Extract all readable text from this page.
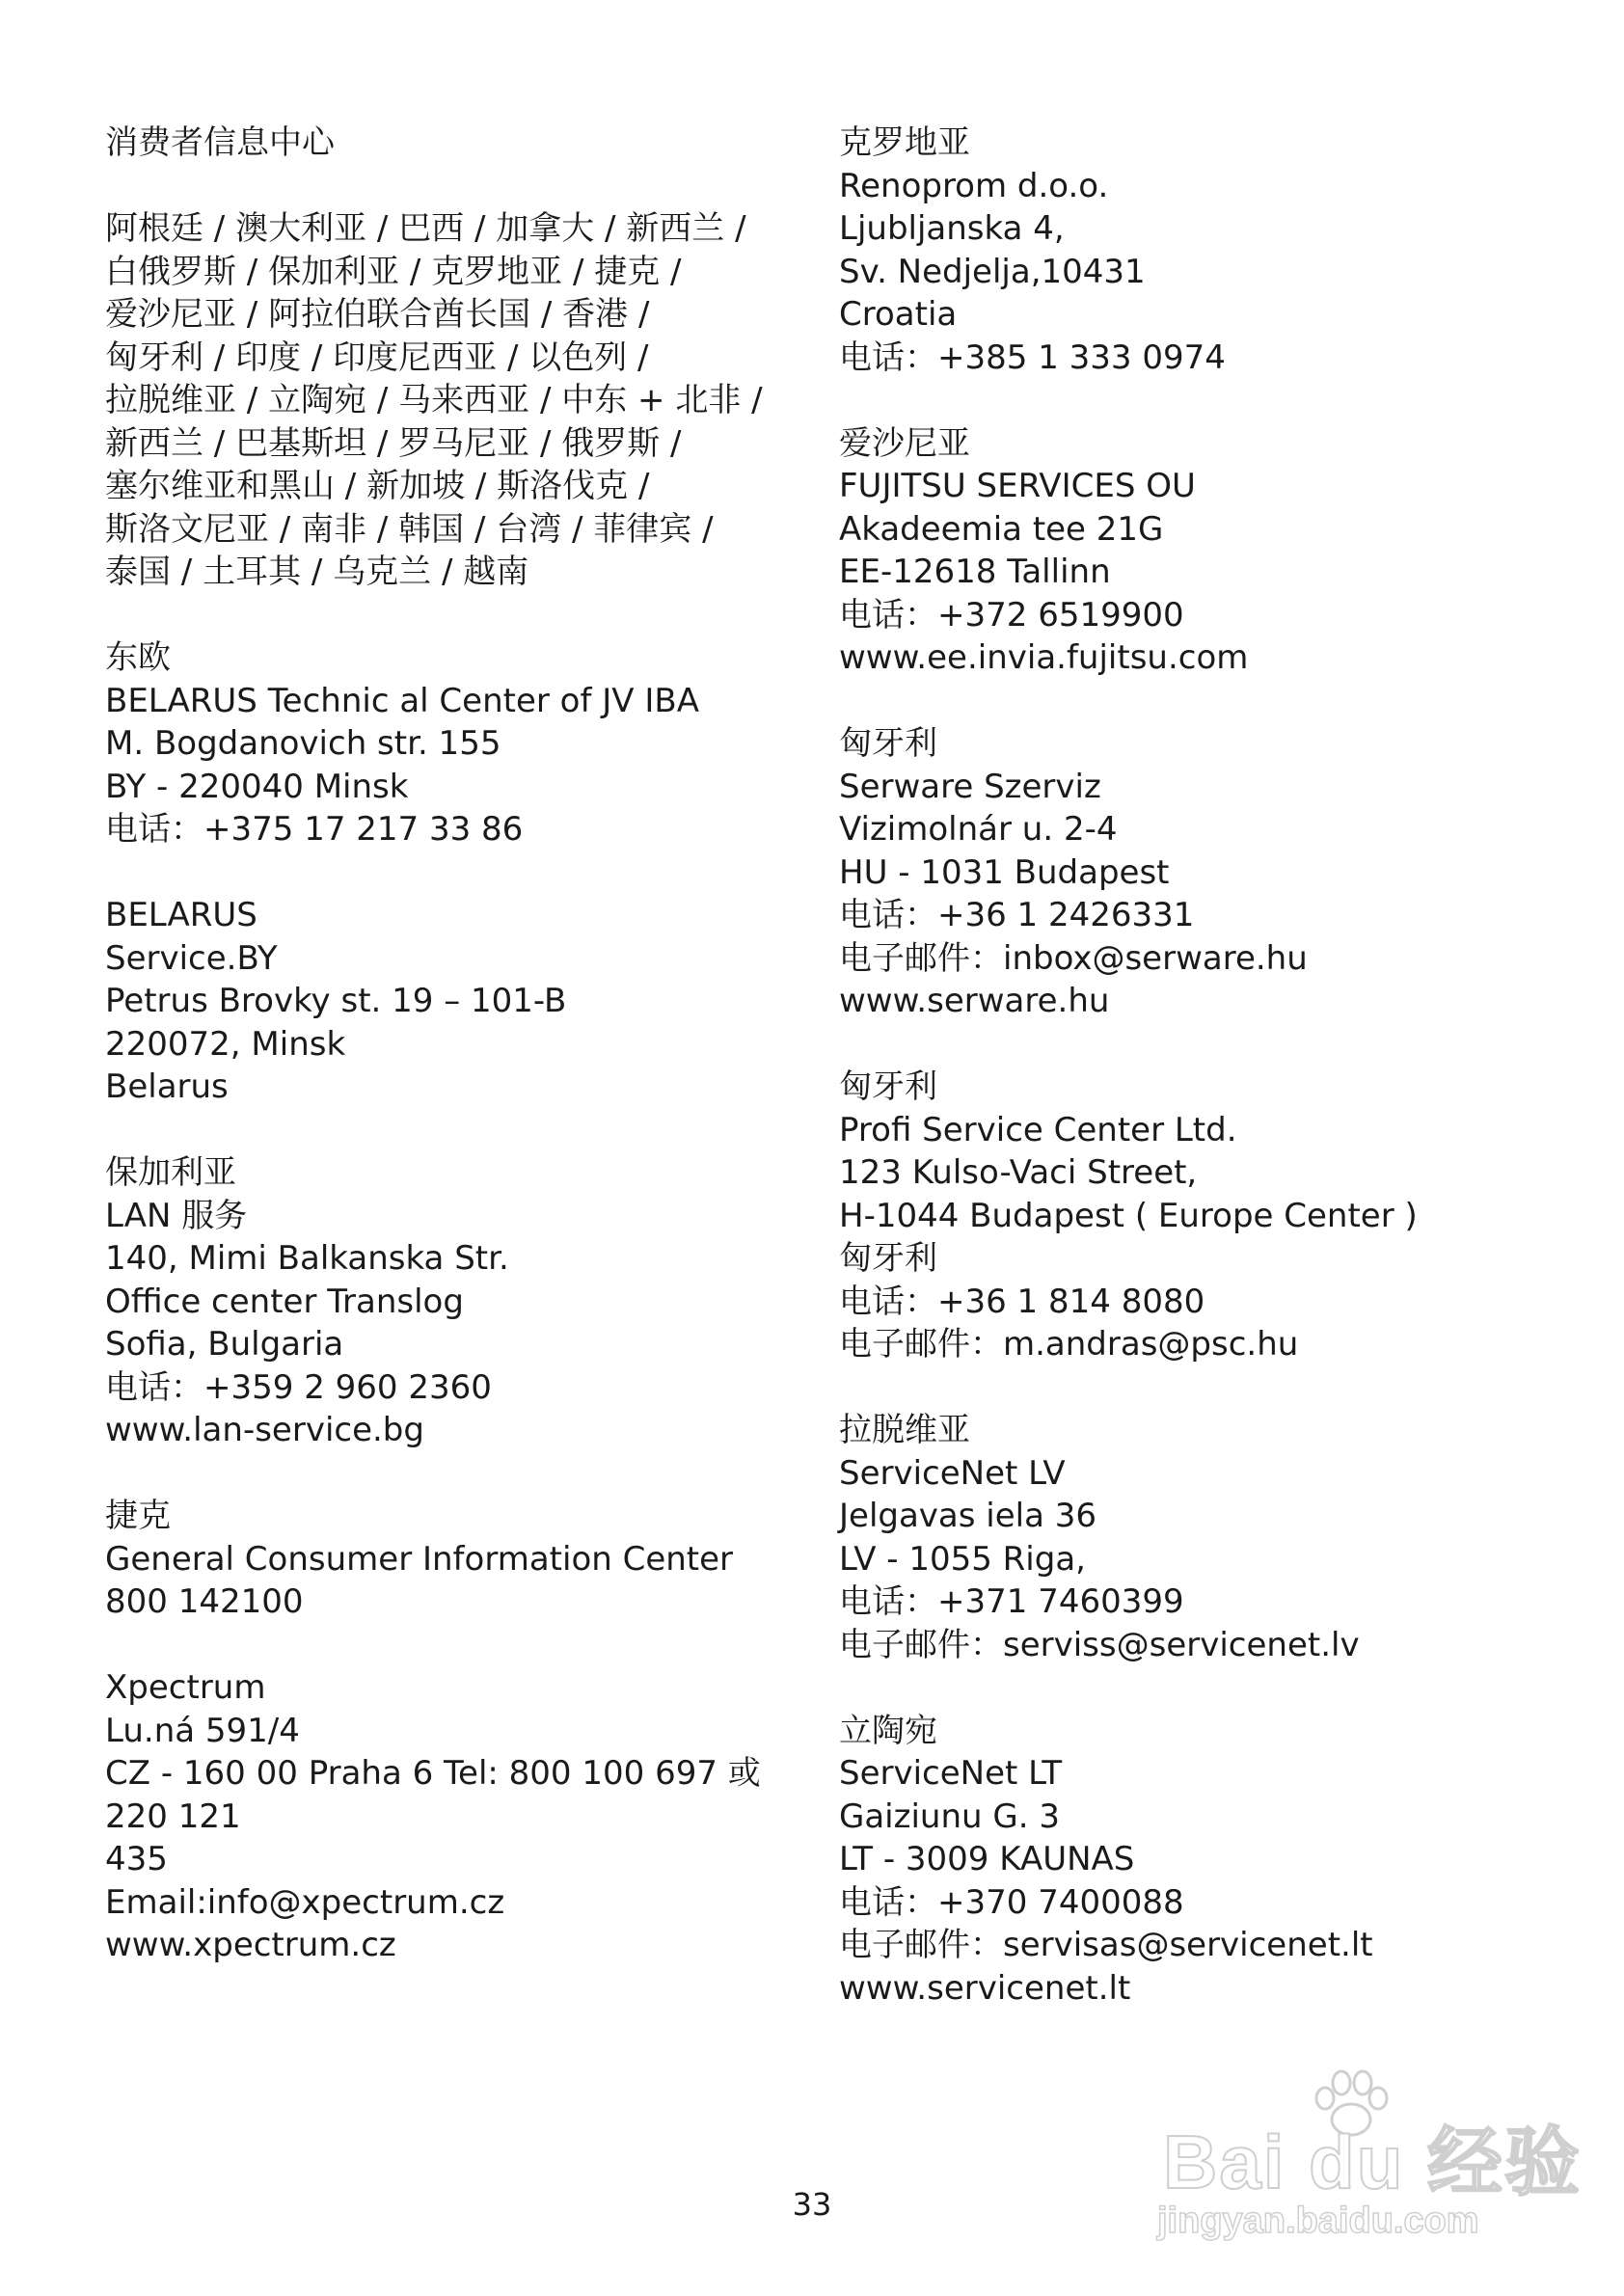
消费者信息中心

阿根廷 / 澳大利亚 / 巴西 / 加拿大 / 新西兰 /
白俄罗斯 / 保加利亚 / 克罗地亚 / 捷克 /
爱沙尼亚 / 阿拉伯联合酋长国 / 香港 /
匈牙利 / 印度 / 印度尼西亚 / 以色列 /
拉脱维亚 / 立陶宛 / 马来西亚 / 中东 + 北非 /
新西兰 / 巴基斯坦 / 罗马尼亚 / 俄罗斯 /
塞尔维亚和黑山 / 新加坡 / 斯洛伐克 /
斯洛文尼亚 / 南非 / 韩国 / 台湾 / 菲律宾 /
泰国 / 土耳其 / 乌克兰 / 越南
东欧
BELARUS Technic al Center of JV IBA
M. Bogdanovich str. 155
BY - 220040 Minsk
电话：+375 17 217 33 86
BELARUS
Service.BY
Petrus Brovky st. 19 – 101-B
220072, Minsk
Belarus
保加利亚
LAN 服务
140, Mimi Balkanska Str.
Office center Translog
Sofia, Bulgaria
电话：+359 2 960 2360
www.lan-service.bg
捷克
General Consumer Information Center
800 142100
Xpectrum
Lu.ná 591/4
CZ - 160 00 Praha 6 Tel: 800 100 697 或 220 121
435
Email:info@xpectrum.cz
www.xpectrum.cz
克罗地亚
Renoprom d.o.o.
Ljubljanska 4,
Sv. Nedjelja,10431
Croatia
电话：+385 1 333 0974
爱沙尼亚
FUJITSU SERVICES OU
Akadeemia tee 21G
EE-12618 Tallinn
电话：+372 6519900
www.ee.invia.fujitsu.com
匈牙利
Serware Szerviz
Vizimolnár u. 2-4
HU - 1031 Budapest
电话：+36 1 2426331
电子邮件：inbox@serware.hu
www.serware.hu
匈牙利
Profi Service Center Ltd.
123 Kulso-Vaci Street,
H-1044 Budapest ( Europe Center )
匈牙利
电话：+36 1 814 8080
电子邮件：m.andras@psc.hu
拉脱维亚
ServiceNet LV
Jelgavas iela 36
LV - 1055 Riga,
电话：+371 7460399
电子邮件：serviss@servicenet.lv
立陶宛
ServiceNet LT
Gaiziunu G. 3
LT - 3009 KAUNAS
电话：+370 7400088
电子邮件：servisas@servicenet.lt
www.servicenet.lt
33	Bai du 经验
jingyan.baidu.com
